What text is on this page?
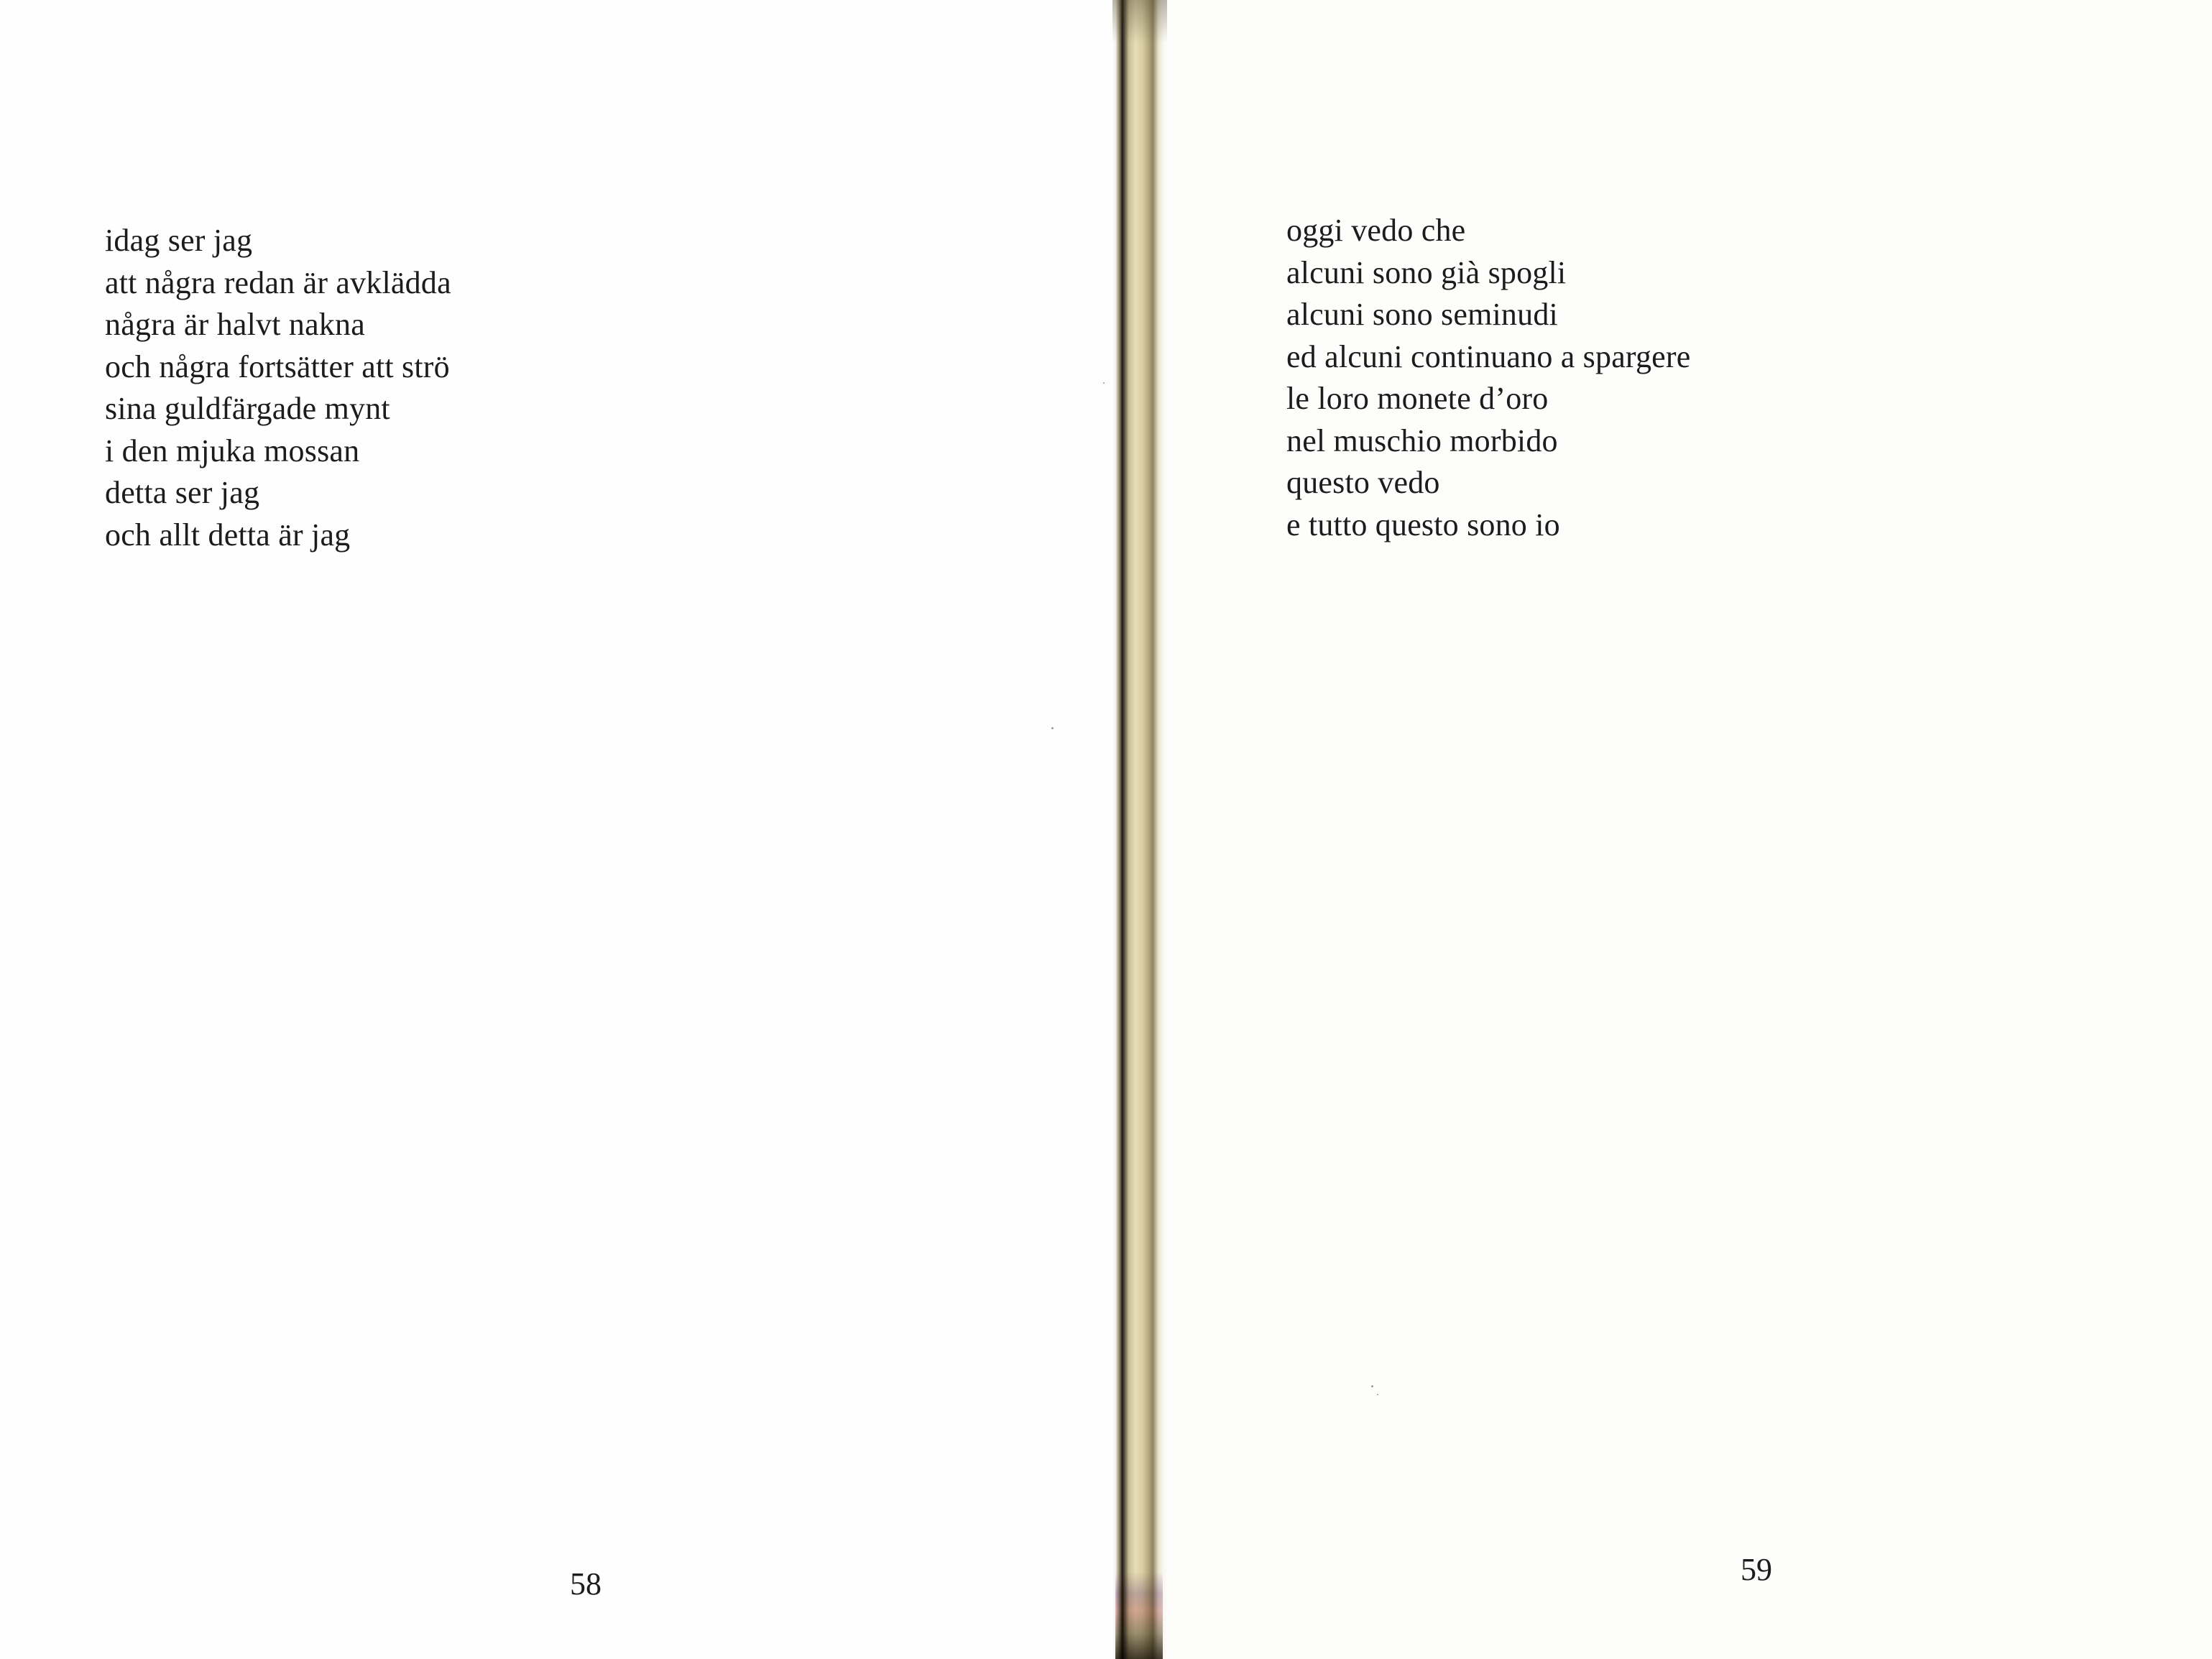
idag ser jag
att några redan är avklädda
några är halvt nakna
och några fortsätter att strö
sina guldfärgade mynt
i den mjuka mossan
detta ser jag
och allt detta är jag
58
oggi vedo che
alcuni sono già spogli
alcuni sono seminudi
ed alcuni continuano a spargere
le loro monete d’oro
nel muschio morbido
questo vedo
e tutto questo sono io
59
